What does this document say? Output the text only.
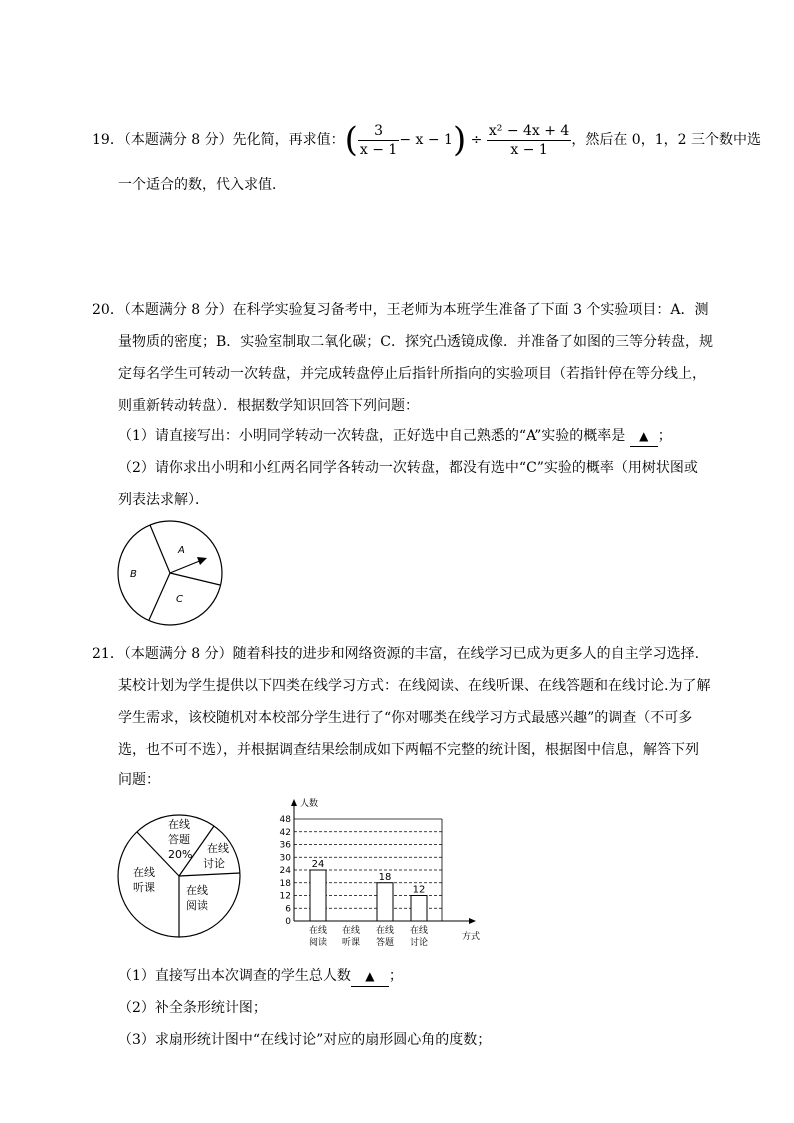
19．（本题满分 8 分）先化简，再求值：( $\frac{3}{x - 1} - x - 1) \div \frac{\text{x² − 4x + 4}}{x - 1}$ ，然后在 0，1，2 三个数中选
一个适合的数，代入求值．
20．（本题满分 8 分）在科学实验复习备考中，王老师为本班学生准备了下面 3 个实验项目：A．测
量物质的密度；B．实验室制取二氧化碳；C．探究凸透镜成像．并准备了如图的三等分转盘，规
定每名学生可转动一次转盘，并完成转盘停止后指针所指向的实验项目（若指针停在等分线上，
则重新转动转盘）．根据数学知识回答下列问题：
（1）请直接写出：小明同学转动一次转盘，正好选中自己熟悉的“A”实验的概率是 ▲ ；
（2）请你求出小明和小红两名同学各转动一次转盘，都没有选中“C”实验的概率（用树状图或
列表法求解）．
A
B
C
21．（本题满分 8 分）随着科技的进步和网络资源的丰富，在线学习已成为更多人的自主学习选择.
某校计划为学生提供以下四类在线学习方式：在线阅读、在线听课、在线答题和在线讨论.为了解
学生需求，该校随机对本校部分学生进行了“你对哪类在线学习方式最感兴趣”的调查（不可多
选，也不可不选），并根据调查结果绘制成如下两幅不完整的统计图，根据图中信息，解答下列
问题：
在线
答题
20% 在线
讨论
在线
阅读
在线
听课
24
18
12
人数
方式
0
6
12
18
24
30
36
42
48
在线
阅读
在线
听课
在线
答题
在线
讨论
（1）直接写出本次调查的学生总人数 ▲ ；
（2）补全条形统计图；
（3）求扇形统计图中“在线讨论”对应的扇形圆心角的度数；
